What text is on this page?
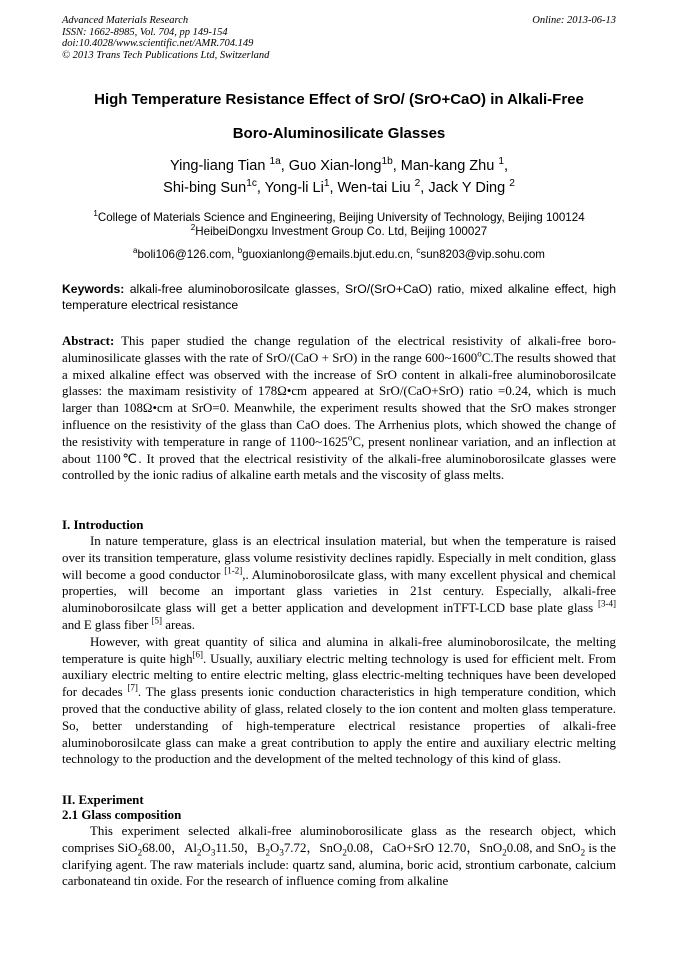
Advanced Materials Research
ISSN: 1662-8985, Vol. 704, pp 149-154
doi:10.4028/www.scientific.net/AMR.704.149
© 2013 Trans Tech Publications Ltd, Switzerland
Online: 2013-06-13
High Temperature Resistance Effect of SrO/ (SrO+CaO) in Alkali-Free
Boro-Aluminosilicate Glasses
Ying-liang Tian $^{1a}$, Guo Xian-long$^{1b}$, Man-kang Zhu $^1$,
Shi-bing Sun$^{1c}$, Yong-li Li$^1$, Wen-tai Liu $^2$, Jack Y Ding $^2$
$^1$College of Materials Science and Engineering, Beijing University of Technology, Beijing 100124
$^2$HeibeiDongxu Investment Group Co. Ltd, Beijing 100027
$^a$boli106@126.com, $^b$guoxianlong@emails.bjut.edu.cn, $^c$sun8203@vip.sohu.com
Keywords: alkali-free aluminoborosilcate glasses, SrO/(SrO+CaO) ratio, mixed alkaline effect, high temperature electrical resistance

Abstract: This paper studied the change regulation of the electrical resistivity of alkali-free boro-aluminosilicate glasses with the rate of SrO/(CaO + SrO) in the range 600~1600$^o$C.The results showed that a mixed alkaline effect was observed with the increase of SrO content in alkali-free aluminoborosilcate glasses: the maximam resistivity of 178Ω•cm appeared at SrO/(CaO+SrO) ratio =0.24, which is much larger than 108Ω•cm at SrO=0. Meanwhile, the experiment results showed that the SrO makes stronger influence on the resistivity of the glass than CaO does. The Arrhenius plots, which showed the change of the resistivity with temperature in range of 1100~1625$^o$C, present nonlinear variation, and an inflection at about 1100℃. It proved that the electrical resistivity of the alkali-free aluminoborosilcate glasses were controlled by the ionic radius of alkaline earth metals and the viscosity of glass melts.

I. Introduction

In nature temperature, glass is an electrical insulation material, but when the temperature is raised over its transition temperature, glass volume resistivity declines rapidly. Especially in melt condition, glass will become a good conductor [1-2],. Aluminoborosilcate glass, with many excellent physical and chemical properties, will become an important glass varieties in 21st century. Especially, alkali-free aluminoborosilcate glass will get a better application and development inTFT-LCD base plate glass [3-4] and E glass fiber [5] areas.

However, with great quantity of silica and alumina in alkali-free aluminoborosilcate, the melting temperature is quite high[6]. Usually, auxiliary electric melting technology is used for efficient melt. From auxiliary electric melting to entire electric melting, glass electric-melting techniques have been developed for decades [7]. The glass presents ionic conduction characteristics in high temperature condition, which proved that the conductive ability of glass, related closely to the ion content and molten glass temperature. So, better understanding of high-temperature electrical resistance properties of alkali-free aluminoborosilcate glass can make a great contribution to apply the entire and auxiliary electric melting technology to the production and the development of the melted technology of this kind of glass.

II. Experiment
2.1 Glass composition

This experiment selected alkali-free aluminoborosilicate glass as the research object, which comprises SiO$_2$68.00，$Al_2O_311.50$，$B_2O_37.72$，SnO$_2$0.08，CaO+SrO 12.70，SnO$_2$0.08, and SnO$_2$ is the clarifying agent. The raw materials include: quartz sand, alumina, boric acid, strontium carbonate, calcium carbonateand tin oxide. For the research of influence coming from alkaline
